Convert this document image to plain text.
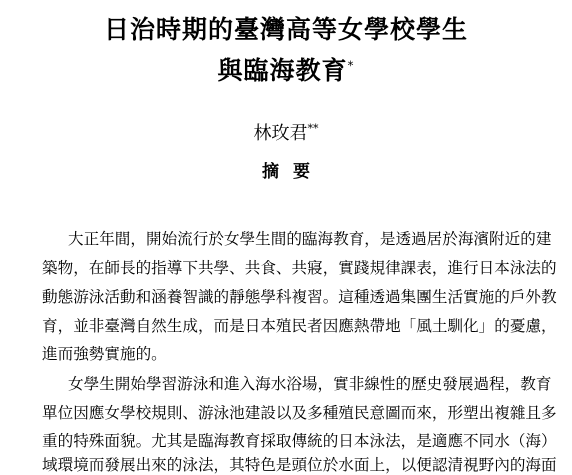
日治時期的臺灣高等女學校學生
與臨海教育*
林玫君**
摘要
大正年間，開始流行於女學生間的臨海教育，是透過居於海濱附近的建
築物，在師長的指導下共學、共食、共寢，實踐規律課表，進行日本泳法的
動態游泳活動和涵養智識的靜態學科複習。這種透過集團生活實施的戶外教
育，並非臺灣自然生成，而是日本殖民者因應熱帶地「風土馴化」的憂慮，
進而強勢實施的。
女學生開始學習游泳和進入海水浴場，實非線性的歷史發展過程，教育
單位因應女學校規則、游泳池建設以及多種殖民意圖而來，形塑出複雜且多
重的特殊面貌。尤其是臨海教育採取傳統的日本泳法，是適應不同水（海）
域環境而發展出來的泳法，其特色是頭位於水面上，以便認清視野內的海面
